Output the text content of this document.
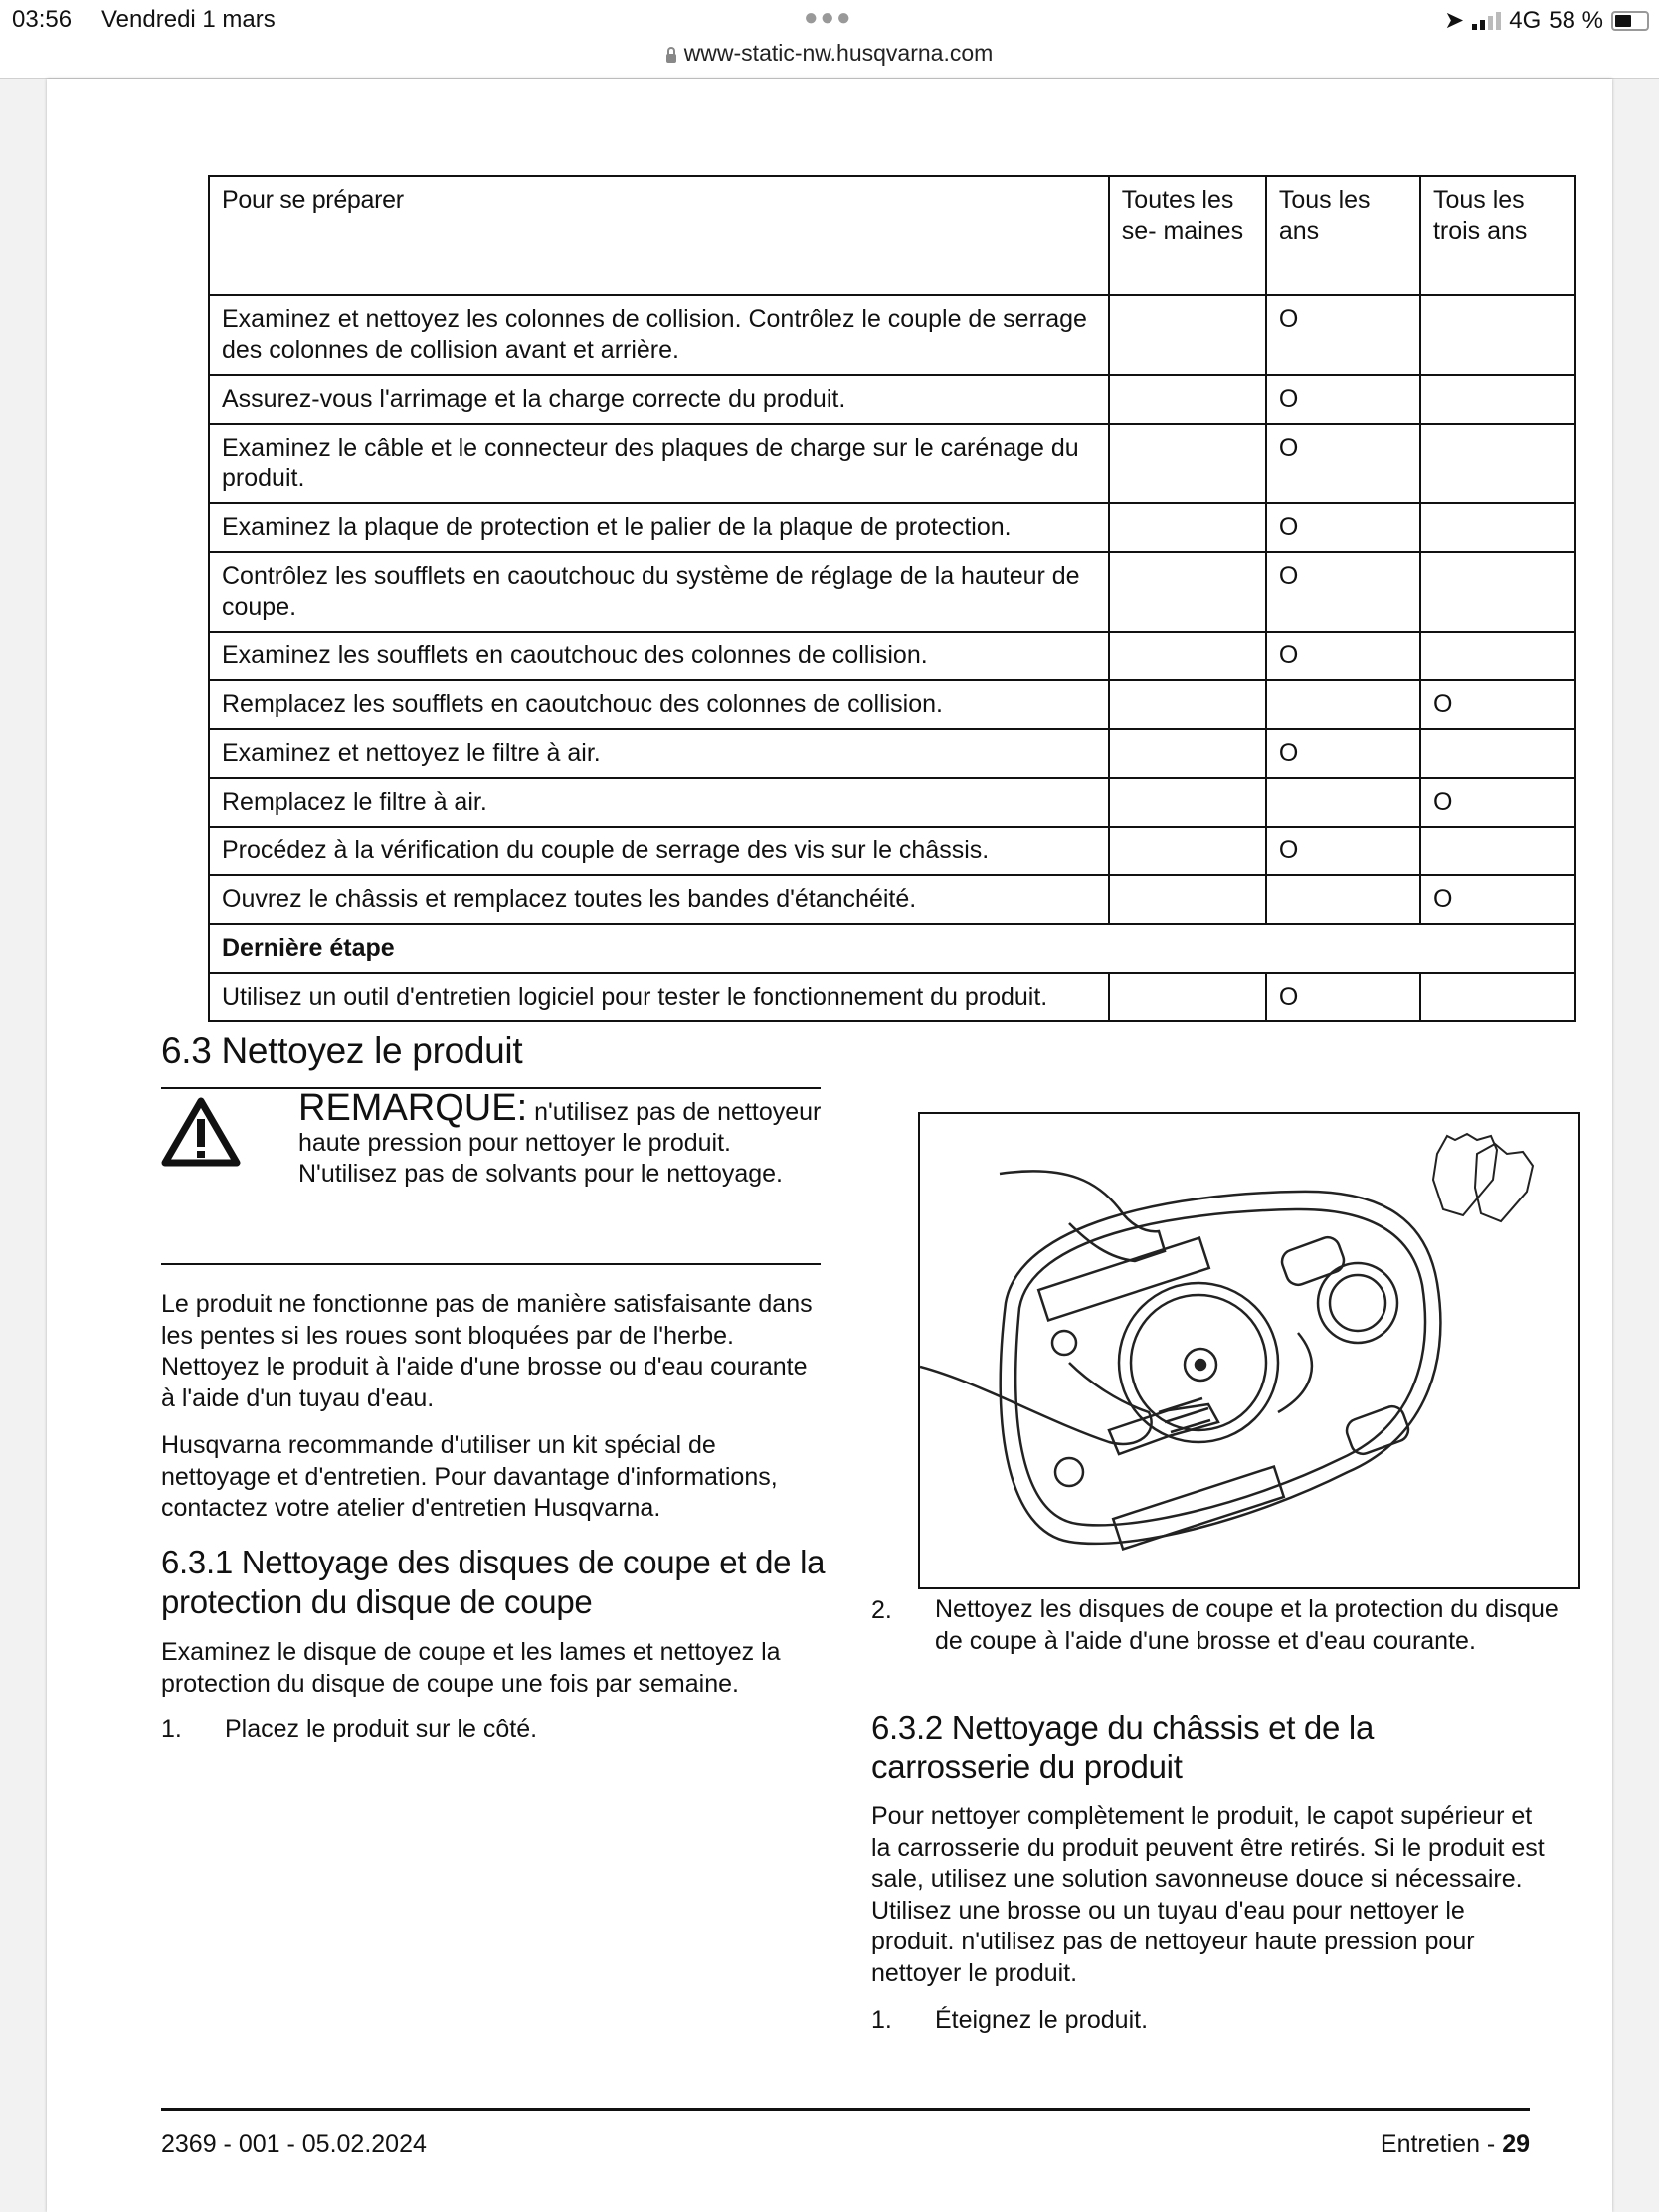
03:56 Vendredi 1 mars	●●●	➤ 4G 58 %
www-static-nw.husqvarna.com
Pour se préparer	Toutes les se- maines	Tous les ans	Tous les trois ans
Examinez et nettoyez les colonnes de collision. Contrôlez le couple de serrage des colonnes de collision avant et arrière.		O	
Assurez-vous l'arrimage et la charge correcte du produit.		O	
Examinez le câble et le connecteur des plaques de charge sur le carénage du produit.		O	
Examinez la plaque de protection et le palier de la plaque de protection.		O	
Contrôlez les soufflets en caoutchouc du système de réglage de la hauteur de coupe.		O	
Examinez les soufflets en caoutchouc des colonnes de collision.		O	
Remplacez les soufflets en caoutchouc des colonnes de collision.			O
Examinez et nettoyez le filtre à air.		O	
Remplacez le filtre à air.			O
Procédez à la vérification du couple de serrage des vis sur le châssis.		O	
Ouvrez le châssis et remplacez toutes les bandes d'étanchéité.			O
Dernière étape			
Utilisez un outil d'entretien logiciel pour tester le fonctionnement du produit.		O	
6.3 Nettoyez le produit
REMARQUE: n'utilisez pas de nettoyeur haute pression pour nettoyer le produit. N'utilisez pas de solvants pour le nettoyage.

Le produit ne fonctionne pas de manière satisfaisante dans les pentes si les roues sont bloquées par de l'herbe. Nettoyez le produit à l'aide d'une brosse ou d'eau courante à l'aide d'un tuyau d'eau.

Husqvarna recommande d'utiliser un kit spécial de nettoyage et d'entretien. Pour davantage d'informations, contactez votre atelier d'entretien Husqvarna.

6.3.1 Nettoyage des disques de coupe et de la protection du disque de coupe

Examinez le disque de coupe et les lames et nettoyez la protection du disque de coupe une fois par semaine.

1. Placez le produit sur le côté.
2. Nettoyez les disques de coupe et la protection du disque de coupe à l'aide d'une brosse et d'eau courante.

6.3.2 Nettoyage du châssis et de la carrosserie du produit

Pour nettoyer complètement le produit, le capot supérieur et la carrosserie du produit peuvent être retirés. Si le produit est sale, utilisez une solution savonneuse douce si nécessaire. Utilisez une brosse ou un tuyau d'eau pour nettoyer le produit. n'utilisez pas de nettoyeur haute pression pour nettoyer le produit.

1. Éteignez le produit.
2369 - 001 - 05.02.2024	Entretien - 29
